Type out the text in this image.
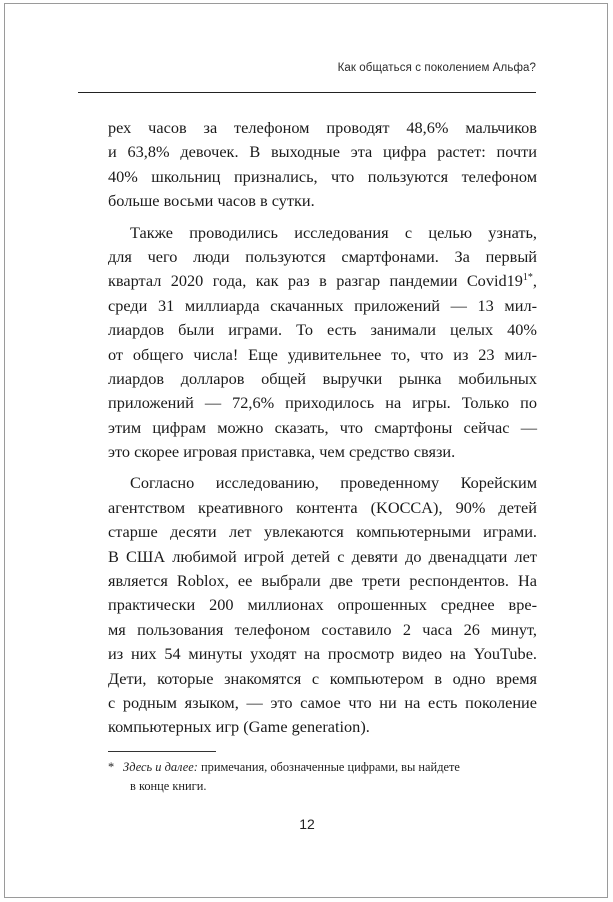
Как общаться с поколением Альфа?
рех часов за телефоном проводят 48,6% мальчиков
и 63,8% девочек. В выходные эта цифра растет: почти
40% школьниц признались, что пользуются телефоном
больше восьми часов в сутки.
Также проводились исследования с целью узнать,
для чего люди пользуются смартфонами. За первый
квартал 2020 года, как раз в разгар пандемии Covid19$^{1*}$,
среди 31 миллиарда скачанных приложений — 13 мил-
лиардов были играми. То есть занимали целых 40%
от общего числа! Еще удивительнее то, что из 23 мил-
лиардов долларов общей выручки рынка мобильных
приложений — 72,6% приходилось на игры. Только по
этим цифрам можно сказать, что смартфоны сейчас —
это скорее игровая приставка, чем средство связи.
Согласно исследованию, проведенному Корейским
агентством креативного контента (KOCCA), 90% детей
старше десяти лет увлекаются компьютерными играми.
В США любимой игрой детей с девяти до двенадцати лет
является Roblox, ее выбрали две трети респондентов. На
практически 200 миллионах опрошенных среднее вре-
мя пользования телефоном составило 2 часа 26 минут,
из них 54 минуты уходят на просмотр видео на YouTube.
Дети, которые знакомятся с компьютером в одно время
с родным языком, — это самое что ни на есть поколение
компьютерных игр (Game generation).
* Здесь и далее: примечания, обозначенные цифрами, вы найдете
в конце книги.
12
